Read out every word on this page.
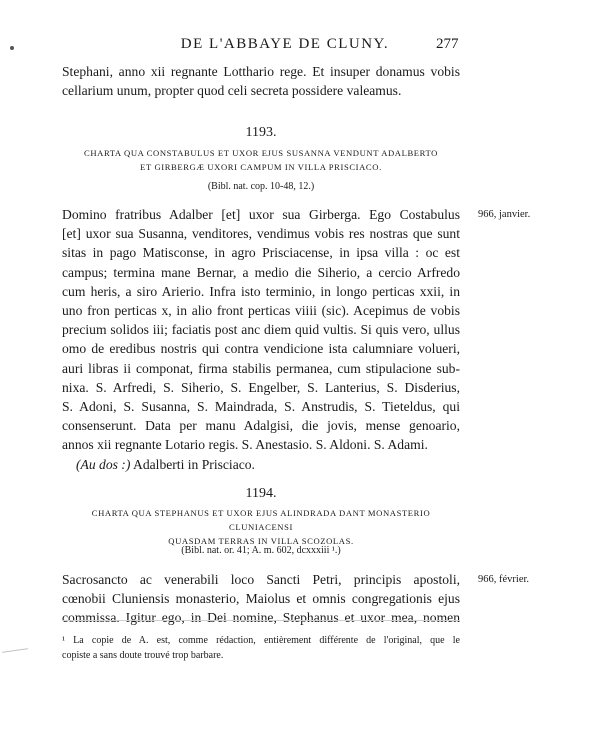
DE L'ABBAYE DE CLUNY.	277
Stephani, anno xii regnante Lotthario rege. Et insuper donamus vobis
cellarium unum, propter quod celi secreta possidere valeamus.
1193.
CHARTA QUA CONSTABULUS ET UXOR EJUS SUSANNA VENDUNT ADALBERTO
ET GIRBERGÆ UXORI CAMPUM IN VILLA PRISCIACO.
(Bibl. nat. cop. 10-48, 12.)
966, janvier.
Domino fratribus Adalber [et] uxor sua Girberga. Ego Costabulus
[et] uxor sua Susanna, venditores, vendimus vobis res nostras que sunt
sitas in pago Matisconse, in agro Prisciacense, in ipsa villa : oc est
campus; termina mane Bernar, a medio die Siherio, a cercio Arfredo
cum heris, a siro Arierio. Infra isto terminio, in longo perticas xxii, in
uno fron perticas x, in alio front perticas viiii (sic). Acepimus de vobis
precium solidos iii; faciatis post anc diem quid vultis. Si quis vero, ullus
omo de eredibus nostris qui contra vendicione ista calumniare volueri,
auri libras ii componat, firma stabilis permanea, cum stipulacione sub-
nixa. S. Arfredi, S. Siherio, S. Engelber, S. Lanterius, S. Disderius,
S. Adoni, S. Susanna, S. Maindrada, S. Anstrudis, S. Tieteldus, qui
consenserunt. Data per manu Adalgisi, die jovis, mense genoario,
annos xii regnante Lotario regis. S. Anestasio. S. Aldoni. S. Adami.
(Au dos :) Adalberti in Prisciaco.
1194.
CHARTA QUA STEPHANUS ET UXOR EJUS ALINDRADA DANT MONASTERIO CLUNIACENSI
QUASDAM TERRAS IN VILLA SCOZOLAS.
(Bibl. nat. or. 41; A. m. 602, dcxxxiii ¹.)
966, février.
Sacrosancto ac venerabili loco Sancti Petri, principis apostoli,
cœnobii Cluniensis monasterio, Maiolus et omnis congregationis ejus
commissa. Igitur ego, in Dei nomine, Stephanus et uxor mea, nomen
¹ La copie de A. est, comme rédaction, entièrement différente de l'original, que le
copiste a sans doute trouvé trop barbare.
